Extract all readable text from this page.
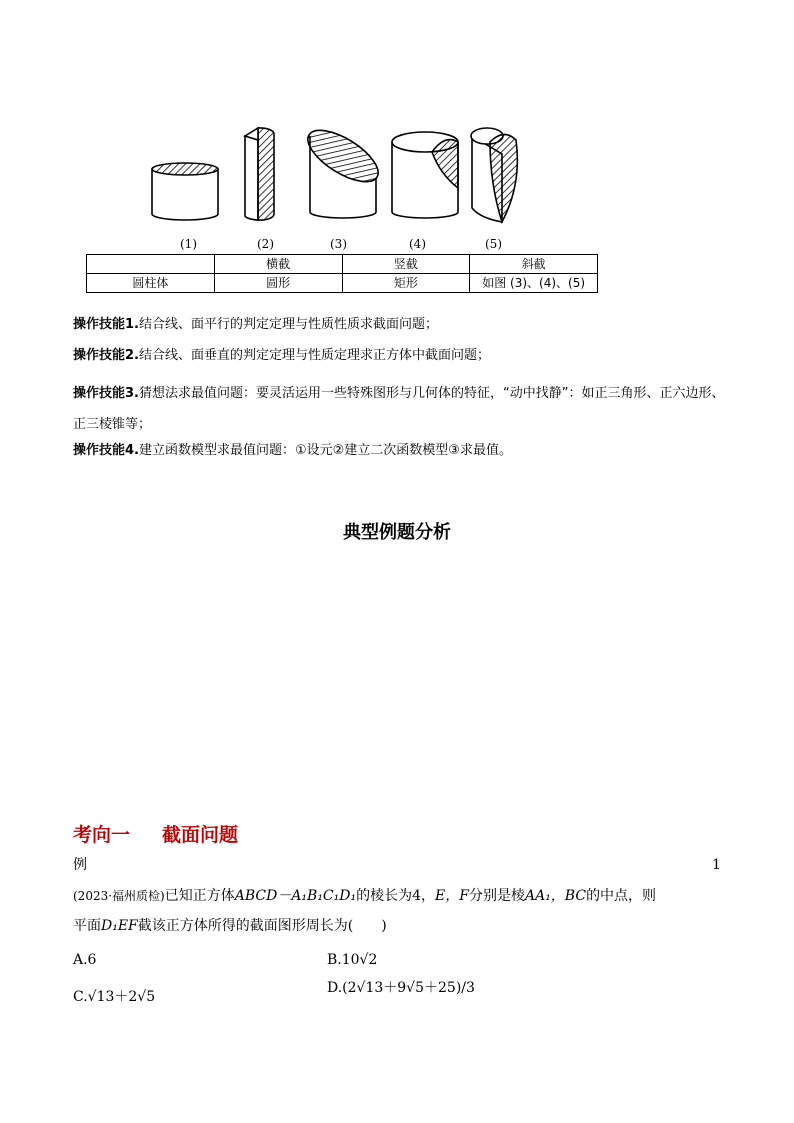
(1)	(2)	(3)	(4)	(5)
	横截	竖截	斜截
圆柱体	圆形	矩形	如图 (3)、(4)、(5)
操作技能1.结合线、面平行的判定定理与性质性质求截面问题；
操作技能2.结合线、面垂直的判定定理与性质定理求正方体中截面问题；
操作技能3.猜想法求最值问题：要灵活运用一些特殊图形与几何体的特征，“动中找静”：如正三角形、正六边形、正三棱锥等；
操作技能4.建立函数模型求最值问题：①设元②建立二次函数模型③求最值。
典型例题分析
考向一 截面问题
例	1
(2023·福州质检)已知正方体ABCD－A₁B₁C₁D₁的棱长为4，E，F分别是棱AA₁，BC的中点，则
平面D₁EF截该正方体所得的截面图形周长为(　　)
A.6	B.10√2
C.√13＋2√5
D.(2√13＋9√5＋25)/3
